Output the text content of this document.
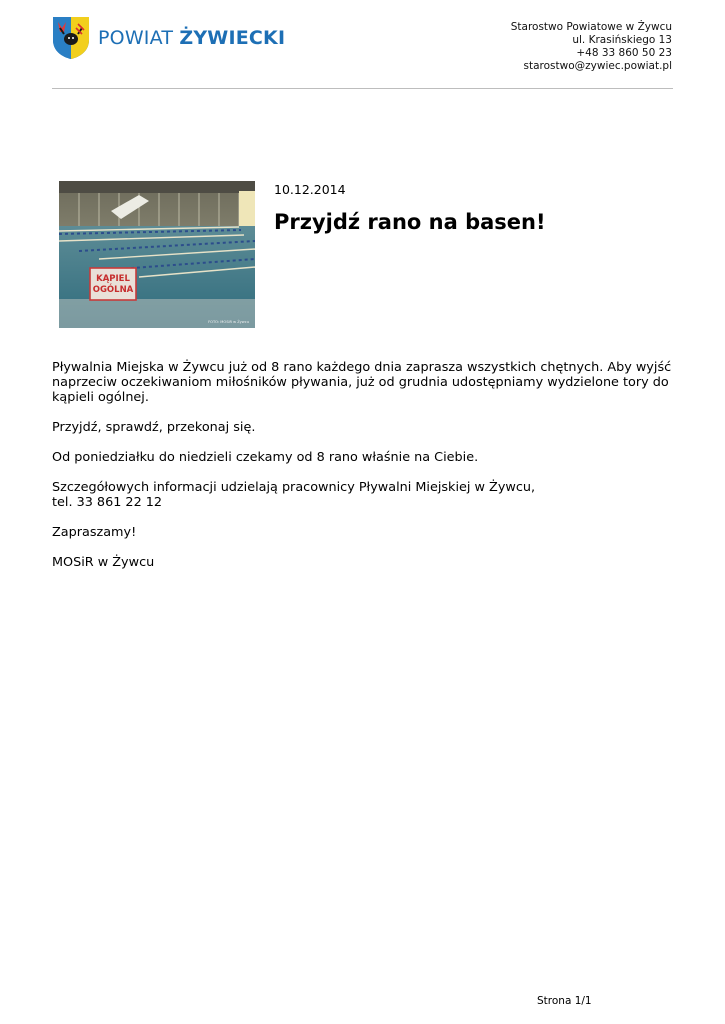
POWIAT ŻYWIECKI	Starostwo Powiatowe w Żywcu
ul. Krasińskiego 13
+48 33 860 50 23
starostwo@zywiec.powiat.pl
KĄPIEL
OGÓLNA
FOTO: MOSiR w Żywcu
10.12.2014
Przyjdź rano na basen!

Pływalnia Miejska w Żywcu już od 8 rano każdego dnia zaprasza wszystkich chętnych. Aby wyjść naprzeciw oczekiwaniom miłośników pływania, już od grudnia udostępniamy wydzielone tory do kąpieli ogólnej.

Przyjdź, sprawdź, przekonaj się.

Od poniedziałku do niedzieli czekamy od 8 rano właśnie na Ciebie.

Szczegółowych informacji udzielają pracownicy Pływalni Miejskiej w Żywcu,
tel. 33 861 22 12

Zapraszamy!

MOSiR w Żywcu

Strona 1/1
